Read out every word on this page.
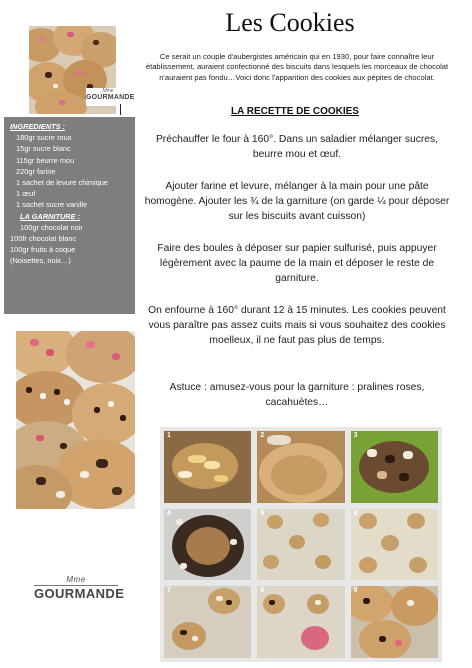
Mme
GOURMANDE
INGREDIENTS :
180gr sucre roux
15gr sucre blanc
115gr beurre mou
220gr farine
1 sachet de levure chimique
1 œuf
1 sachet sucre vanille
LA GARNITURE :
100gr chocolat noir
100fr chocolat blanc
100gr fruits à coque
(Noisettes, noix…)
Mme
GOURMANDE
Les Cookies
Ce serait un couple d'aubergistes américain qui en 1930, pour faire connaître leur établissement, auraient confectionné des biscuits dans lesquels les morceaux de chocolat n'auraient pas fondu…Voici donc l'apparition des cookies aux pépites de chocolat.
LA RECETTE DE COOKIES
Préchauffer le four à 160°. Dans un saladier mélanger sucres, beurre mou et œuf.
Ajouter farine et levure, mélanger à la main pour une pâte homogène. Ajouter les ¾ de la garniture (on garde ¼ pour déposer sur les biscuits avant cuisson)
Faire des boules à déposer sur papier sulfurisé, puis appuyer légèrement avec la paume de la main et déposer le reste de garniture.
On enfourne à 160° durant 12 à 15 minutes. Les cookies peuvent vous paraître pas assez cuits mais si vous souhaitez des cookies moelleux, il ne faut pas plus de temps.
Astuce : amusez-vous pour la garniture : pralines roses, cacahuètes…
1	2	3
4	5	6
7	8	9
